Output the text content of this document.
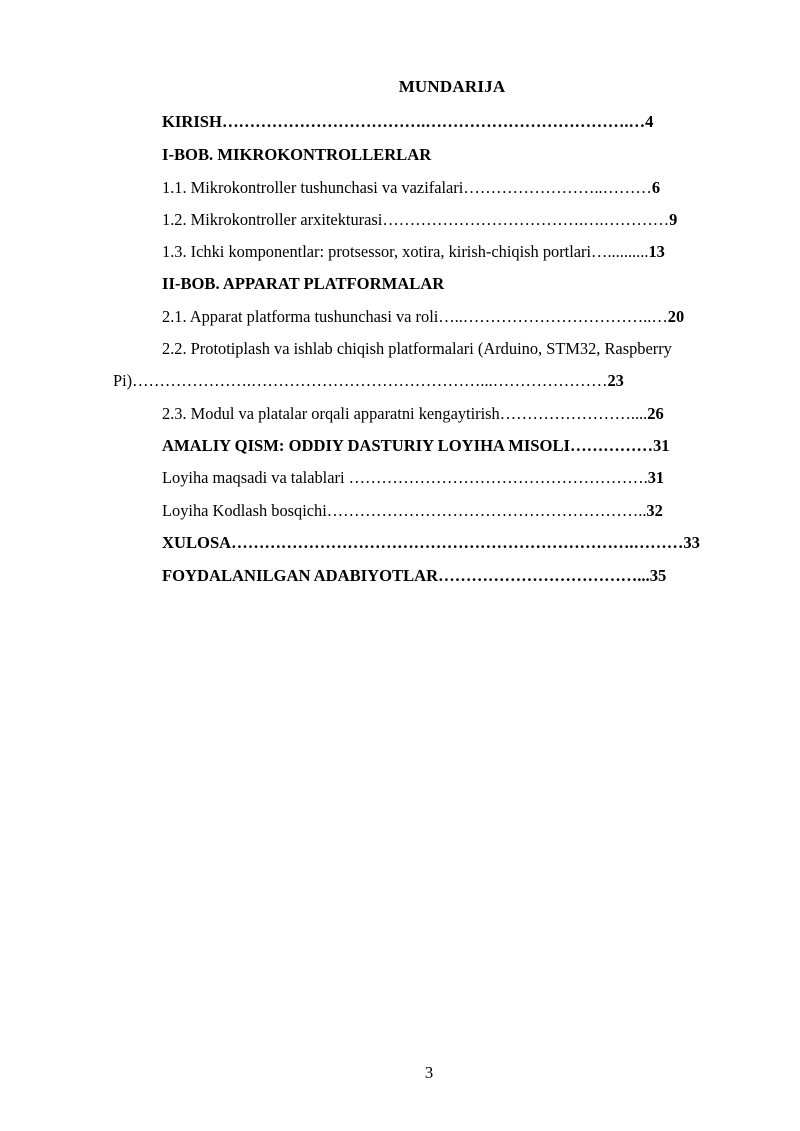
MUNDARIJA
KIRISH……………………………….……………………………….…4
I-BOB. MIKROKONTROLLERLAR
1.1. Mikrokontroller tushunchasi va vazifalari……………………..………6
1.2. Mikrokontroller arxitekturasi……………………………….….…………9
1.3. Ichki komponentlar: protsessor, xotira, kirish-chiqish portlari…..........13
II-BOB. APPARAT PLATFORMALAR
2.1. Apparat platforma tushunchasi va roli…..……………………………..…20
2.2. Prototiplash va ishlab chiqish platformalari (Arduino, STM32, Raspberry
Pi)………………….……………………………………...…………………23
2.3. Modul va platalar orqali apparatni kengaytirish……………………....26
AMALIY QISM: ODDIY DASTURIY LOYIHA MISOLI……………31
Loyiha maqsadi va talablari ……………………………………………….31
Loyiha Kodlash bosqichi…………………………………………………..32
XULOSA……………………………………………………………….………33
FOYDALANILGAN ADABIYOTLAR………………………………...35
3
